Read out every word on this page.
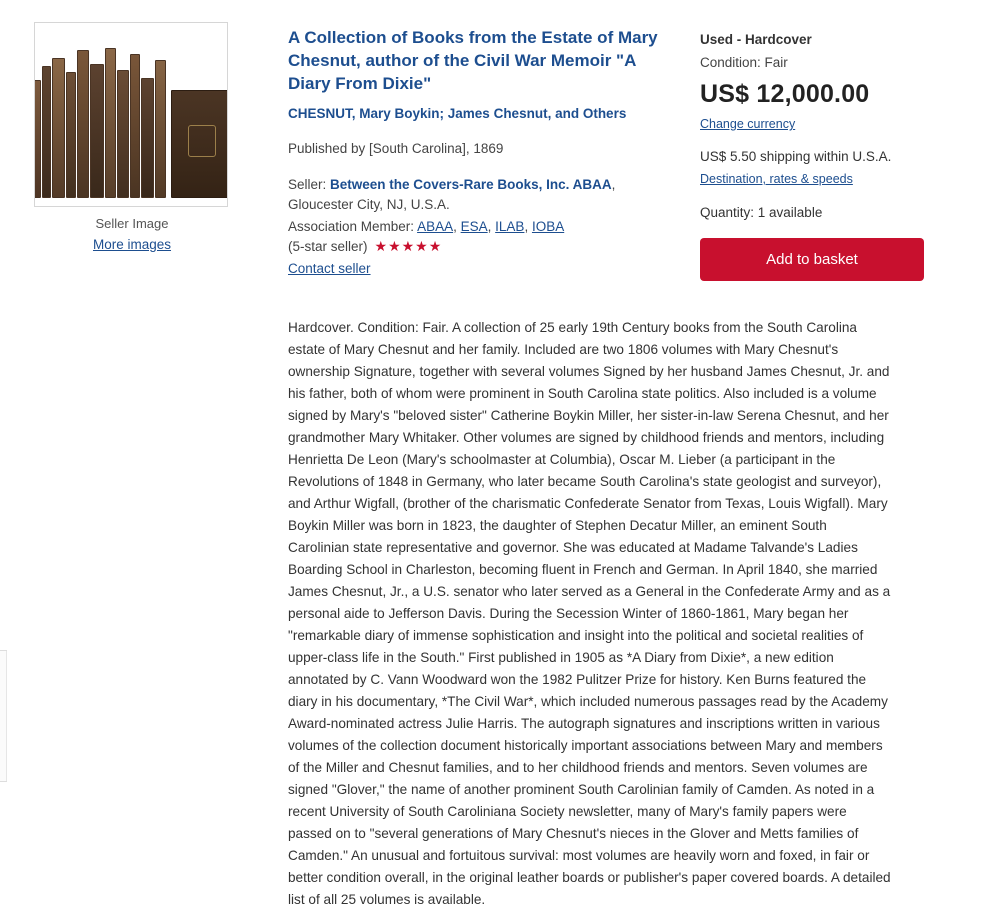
Seller Image
More images
A Collection of Books from the Estate of Mary Chesnut, author of the Civil War Memoir "A Diary From Dixie"
CHESNUT, Mary Boykin; James Chesnut, and Others
Published by [South Carolina], 1869
Seller: Between the Covers-Rare Books, Inc. ABAA,
Gloucester City, NJ, U.S.A.
Association Member: ABAA, ESA, ILAB, IOBA
(5-star seller) ★★★★★
Contact seller
Used - Hardcover
Condition: Fair
US$ 12,000.00
Change currency
US$ 5.50 shipping within U.S.A.
Destination, rates & speeds
Quantity: 1 available
Add to basket
Hardcover. Condition: Fair. A collection of 25 early 19th Century books from the South Carolina estate of Mary Chesnut and her family. Included are two 1806 volumes with Mary Chesnut's ownership Signature, together with several volumes Signed by her husband James Chesnut, Jr. and his father, both of whom were prominent in South Carolina state politics. Also included is a volume signed by Mary's "beloved sister" Catherine Boykin Miller, her sister-in-law Serena Chesnut, and her grandmother Mary Whitaker. Other volumes are signed by childhood friends and mentors, including Henrietta De Leon (Mary's schoolmaster at Columbia), Oscar M. Lieber (a participant in the Revolutions of 1848 in Germany, who later became South Carolina's state geologist and surveyor), and Arthur Wigfall, (brother of the charismatic Confederate Senator from Texas, Louis Wigfall). Mary Boykin Miller was born in 1823, the daughter of Stephen Decatur Miller, an eminent South Carolinian state representative and governor. She was educated at Madame Talvande's Ladies Boarding School in Charleston, becoming fluent in French and German. In April 1840, she married James Chesnut, Jr., a U.S. senator who later served as a General in the Confederate Army and as a personal aide to Jefferson Davis. During the Secession Winter of 1860-1861, Mary began her "remarkable diary of immense sophistication and insight into the political and societal realities of upper-class life in the South." First published in 1905 as *A Diary from Dixie*, a new edition annotated by C. Vann Woodward won the 1982 Pulitzer Prize for history. Ken Burns featured the diary in his documentary, *The Civil War*, which included numerous passages read by the Academy Award-nominated actress Julie Harris. The autograph signatures and inscriptions written in various volumes of the collection document historically important associations between Mary and members of the Miller and Chesnut families, and to her childhood friends and mentors. Seven volumes are signed "Glover," the name of another prominent South Carolinian family of Camden. As noted in a recent University of South Caroliniana Society newsletter, many of Mary's family papers were passed on to "several generations of Mary Chesnut's nieces in the Glover and Metts families of Camden." An unusual and fortuitous survival: most volumes are heavily worn and foxed, in fair or better condition overall, in the original leather boards or publisher's paper covered boards. A detailed list of all 25 volumes is available.
